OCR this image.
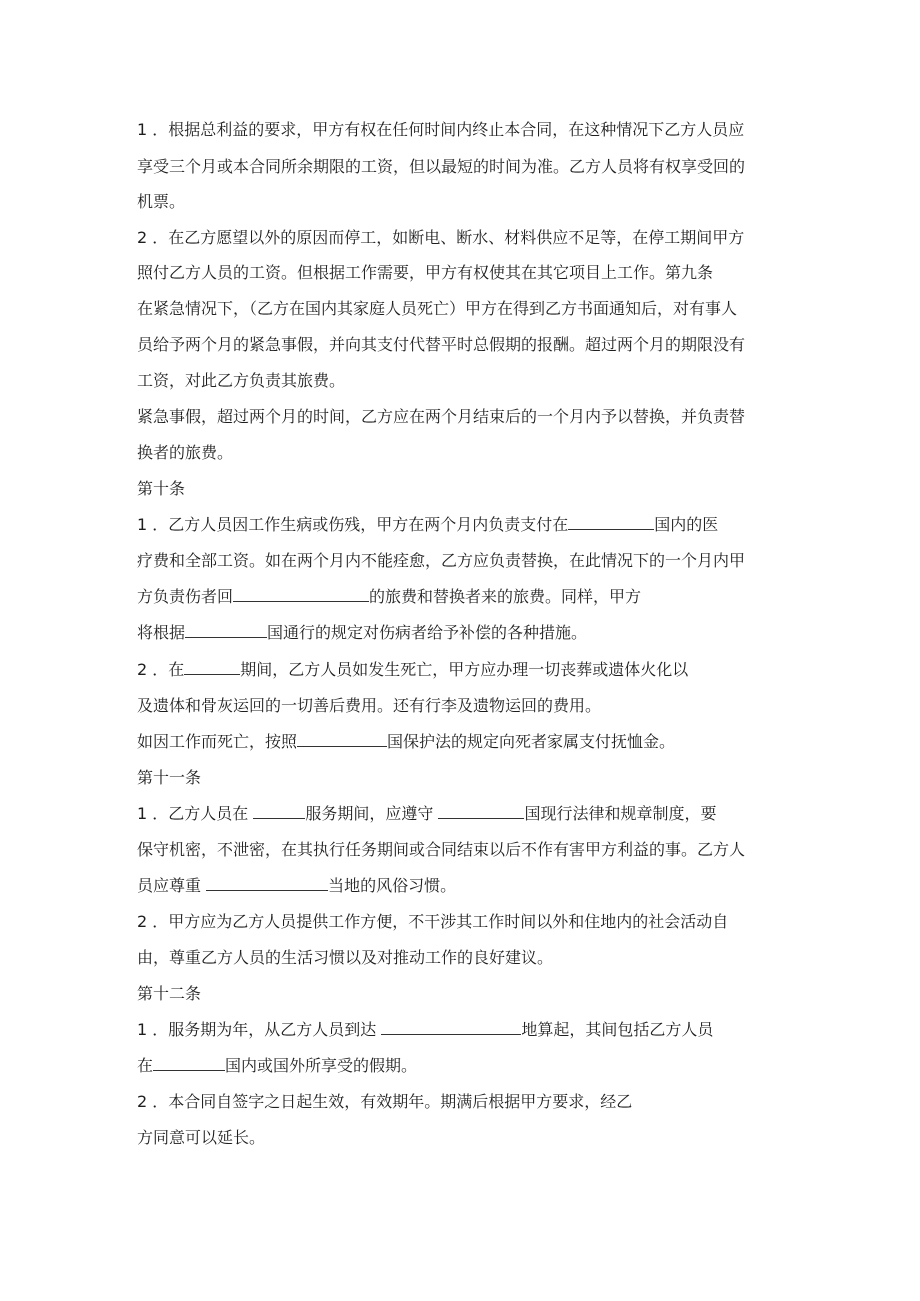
1 ．根据总利益的要求，甲方有权在任何时间内终止本合同，在这种情况下乙方人员应

享受三个月或本合同所余期限的工资，但以最短的时间为准。乙方人员将有权享受回的

机票。

2 ．在乙方愿望以外的原因而停工，如断电、断水、材料供应不足等，在停工期间甲方

照付乙方人员的工资。但根据工作需要，甲方有权使其在其它项目上工作。第九条

在紧急情况下，（乙方在国内其家庭人员死亡）甲方在得到乙方书面通知后，对有事人

员给予两个月的紧急事假，并向其支付代替平时总假期的报酬。超过两个月的期限没有

工资，对此乙方负责其旅费。

紧急事假，超过两个月的时间，乙方应在两个月结束后的一个月内予以替换，并负责替

换者的旅费。

第十条

1 ．乙方人员因工作生病或伤残，甲方在两个月内负责支付在	国内的医

疗费和全部工资。如在两个月内不能痊愈，乙方应负责替换，在此情况下的一个月内甲

方负责伤者回	的旅费和替换者来的旅费。同样，甲方

将根据	国通行的规定对伤病者给予补偿的各种措施。

2 ．在	期间，乙方人员如发生死亡，甲方应办理一切丧葬或遗体火化以

及遗体和骨灰运回的一切善后费用。还有行李及遗物运回的费用。

如因工作而死亡，按照	国保护法的规定向死者家属支付抚恤金。

第十一条

1 ．乙方人员在	服务期间，应遵守	国现行法律和规章制度，要

保守机密，不泄密，在其执行任务期间或合同结束以后不作有害甲方利益的事。乙方人

员应尊重	当地的风俗习惯。

2 ．甲方应为乙方人员提供工作方便，不干涉其工作时间以外和住地内的社会活动自

由，尊重乙方人员的生活习惯以及对推动工作的良好建议。

第十二条

1 ．服务期为年，从乙方人员到达	地算起，其间包括乙方人员

在	国内或国外所享受的假期。

2 ．本合同自签字之日起生效，有效期年。期满后根据甲方要求，经乙

方同意可以延长。
